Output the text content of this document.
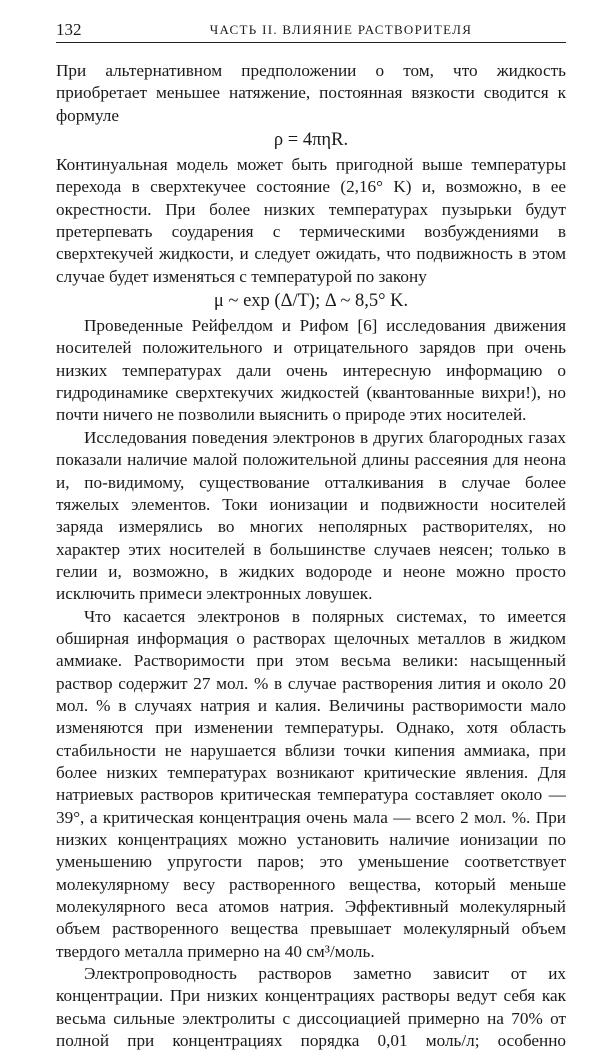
132	ЧАСТЬ II. ВЛИЯНИЕ РАСТВОРИТЕЛЯ

При альтернативном предположении о том, что жидкость приобретает меньшее натяжение, постоянная вязкости сводится к формуле

ρ = 4πηR.

Континуальная модель может быть пригодной выше температуры перехода в сверхтекучее состояние (2,16° K) и, возможно, в ее окрестности. При более низких температурах пузырьки будут претерпевать соударения с термическими возбуждениями в сверхтекучей жидкости, и следует ожидать, что подвижность в этом случае будет изменяться с температурой по закону

μ ~ exp (Δ/T); Δ ~ 8,5° K.

Проведенные Рейфелдом и Рифом [6] исследования движения носителей положительного и отрицательного зарядов при очень низких температурах дали очень интересную информацию о гидродинамике сверхтекучих жидкостей (квантованные вихри!), но почти ничего не позволили выяснить о природе этих носителей.

Исследования поведения электронов в других благородных газах показали наличие малой положительной длины рассеяния для неона и, по-видимому, существование отталкивания в случае более тяжелых элементов. Токи ионизации и подвижности носителей заряда измерялись во многих неполярных растворителях, но характер этих носителей в большинстве случаев неясен; только в гелии и, возможно, в жидких водороде и неоне можно просто исключить примеси электронных ловушек.

Что касается электронов в полярных системах, то имеется обширная информация о растворах щелочных металлов в жидком аммиаке. Растворимости при этом весьма велики: насыщенный раствор содержит 27 мол. % в случае растворения лития и около 20 мол. % в случаях натрия и калия. Величины растворимости мало изменяются при изменении температуры. Однако, хотя область стабильности не нарушается вблизи точки кипения аммиака, при более низких температурах возникают критические явления. Для натриевых растворов критическая температура составляет около —39°, а критическая концентрация очень мала — всего 2 мол. %. При низких концентрациях можно установить наличие ионизации по уменьшению упругости паров; это уменьшение соответствует молекулярному весу растворенного вещества, который меньше молекулярного веса атомов натрия. Эффективный молекулярный объем растворенного вещества превышает молекулярный объем твердого металла примерно на 40 см³/моль.

Электропроводность растворов заметно зависит от их концентрации. При низких концентрациях растворы ведут себя как весьма сильные электролиты с диссоциацией примерно на 70% от полной при концентрациях порядка 0,01 моль/л; особенно
